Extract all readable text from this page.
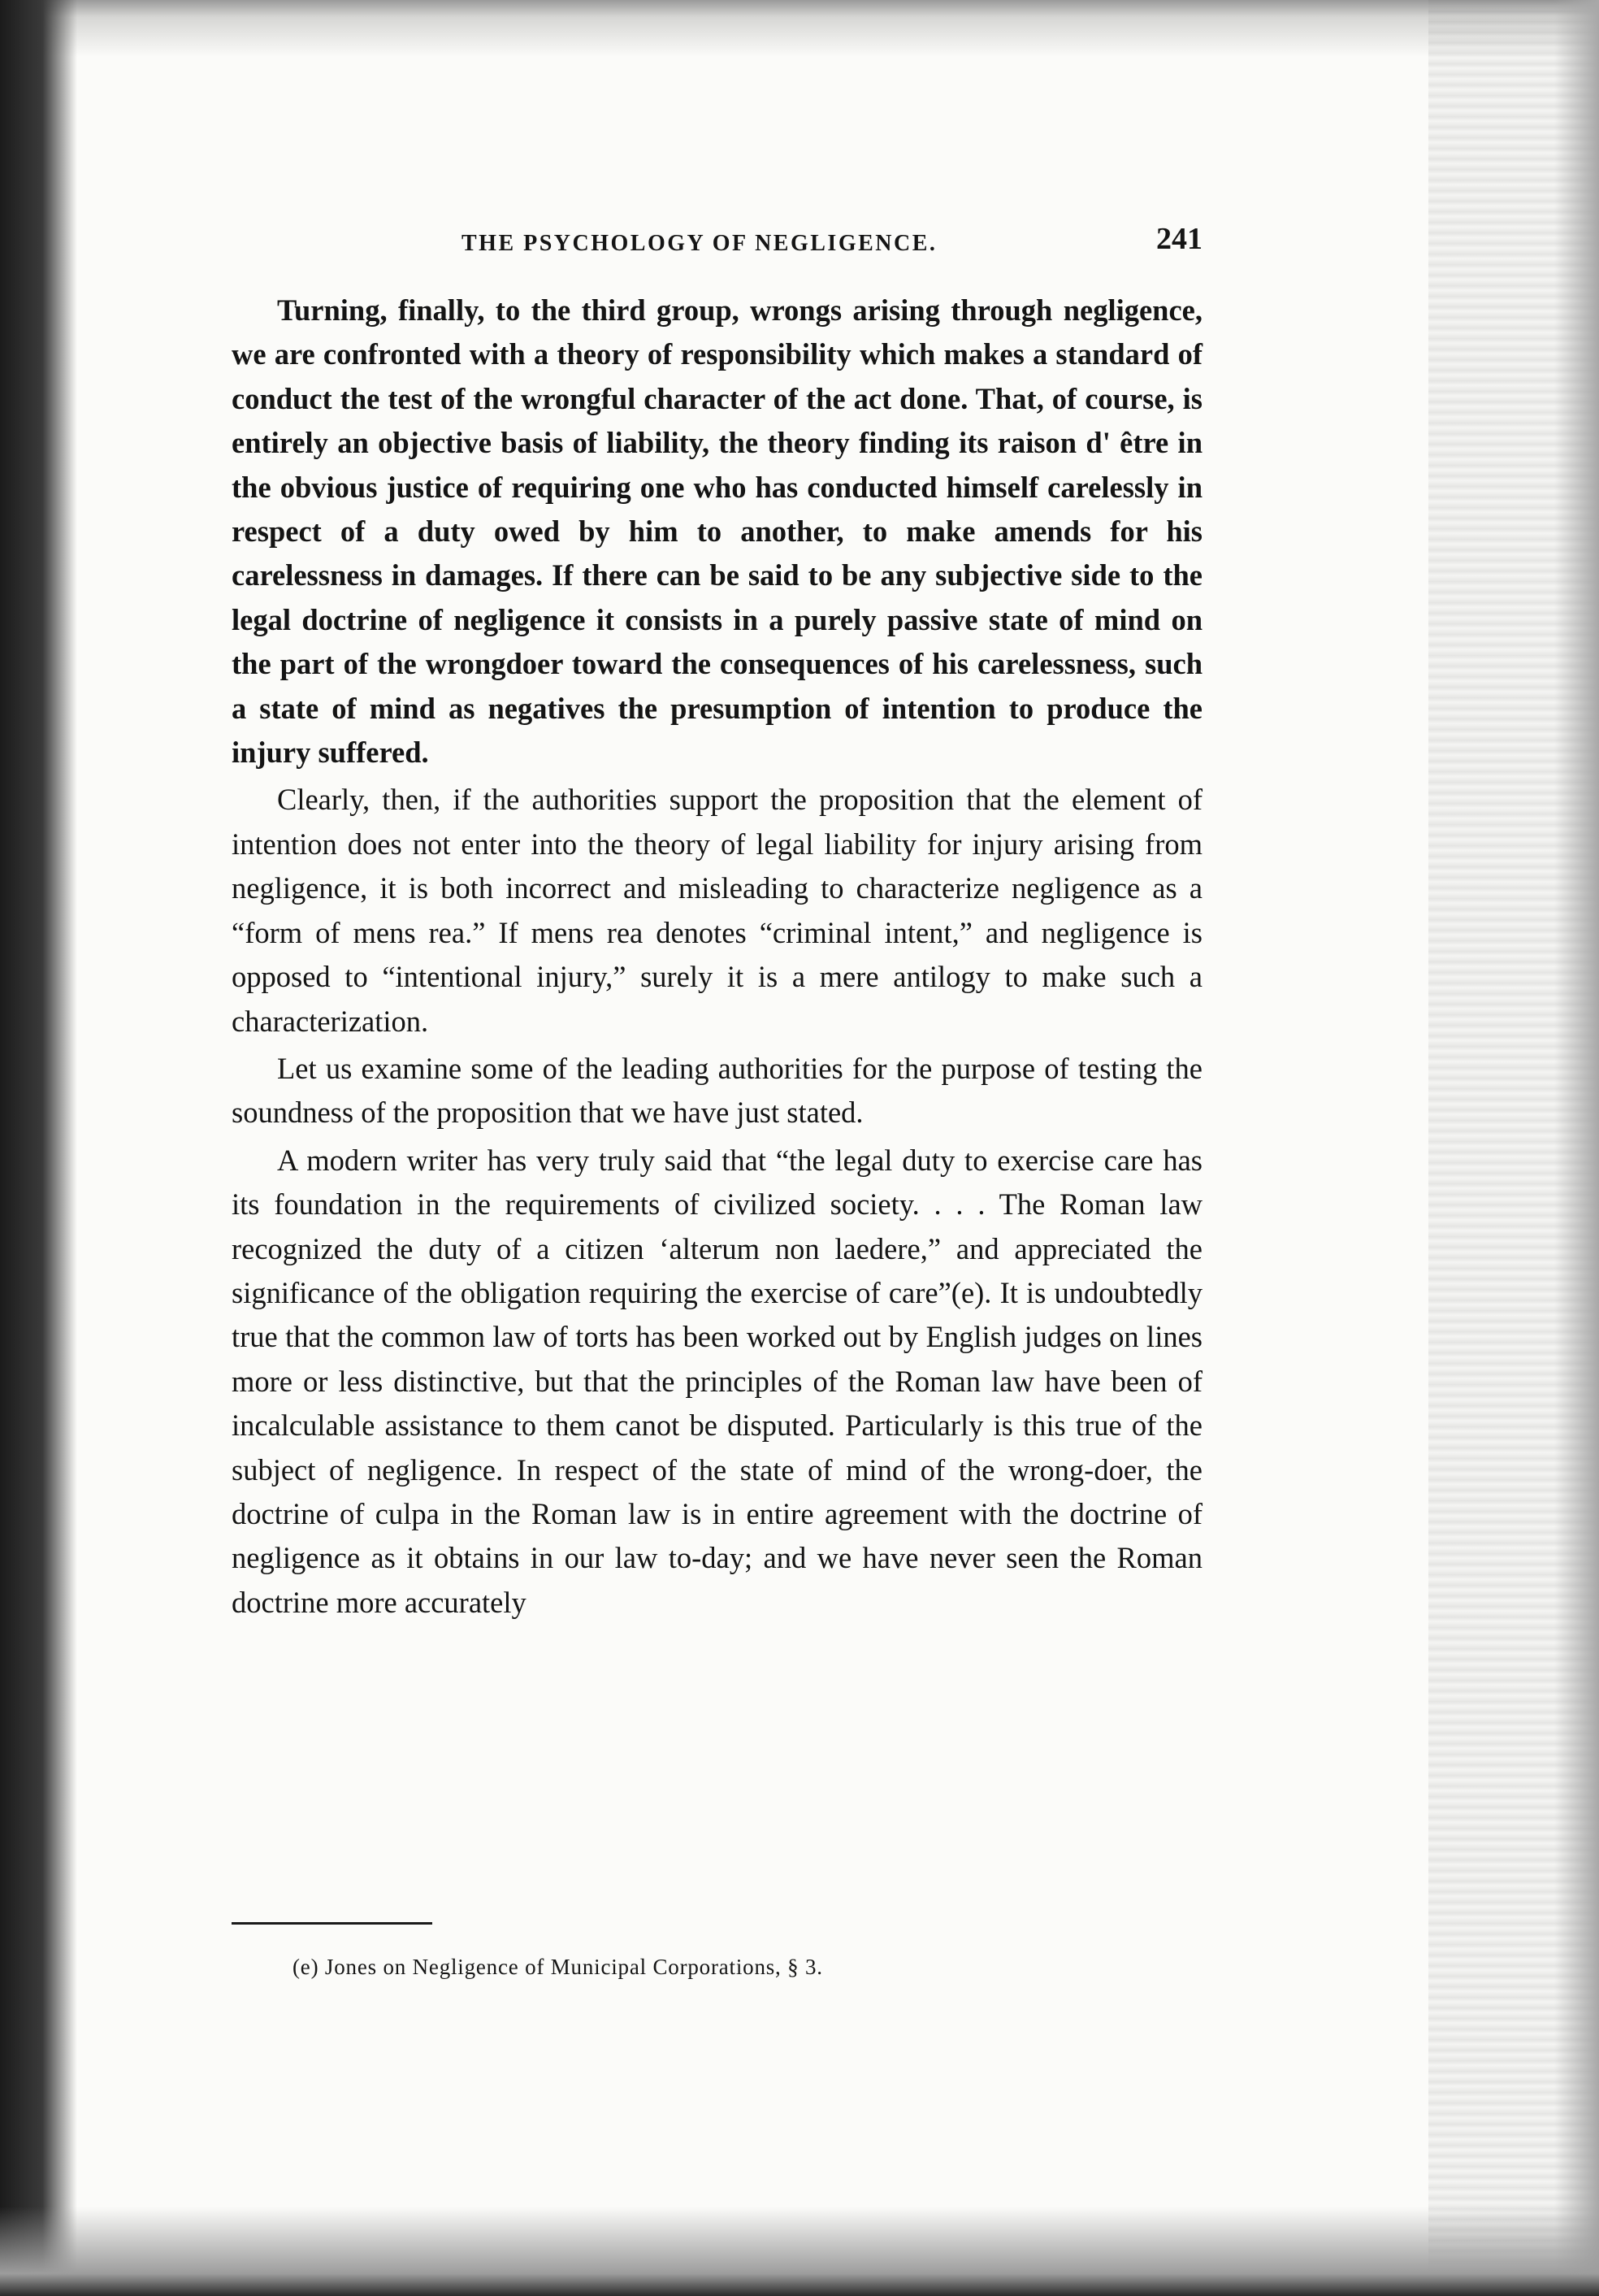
THE PSYCHOLOGY OF NEGLIGENCE.	241

Turning, finally, to the third group, wrongs arising through negligence, we are confronted with a theory of responsibility which makes a standard of conduct the test of the wrongful character of the act done. That, of course, is entirely an objective basis of liability, the theory finding its raison d' être in the obvious justice of requiring one who has conducted himself carelessly in respect of a duty owed by him to another, to make amends for his carelessness in damages. If there can be said to be any subjective side to the legal doctrine of negligence it consists in a purely passive state of mind on the part of the wrongdoer toward the consequences of his carelessness, such a state of mind as negatives the presumption of intention to produce the injury suffered.

Clearly, then, if the authorities support the proposition that the element of intention does not enter into the theory of legal liability for injury arising from negligence, it is both incorrect and misleading to characterize negligence as a “form of mens rea.” If mens rea denotes “criminal intent,” and negligence is opposed to “intentional injury,” surely it is a mere antilogy to make such a characterization.

Let us examine some of the leading authorities for the purpose of testing the soundness of the proposition that we have just stated.

A modern writer has very truly said that “the legal duty to exercise care has its foundation in the requirements of civilized society. . . . The Roman law recognized the duty of a citizen ‘alterum non laedere,” and appreciated the significance of the obligation requiring the exercise of care”(e). It is undoubtedly true that the common law of torts has been worked out by English judges on lines more or less distinctive, but that the principles of the Roman law have been of incalculable assistance to them canot be disputed. Particularly is this true of the subject of negligence. In respect of the state of mind of the wrong-doer, the doctrine of culpa in the Roman law is in entire agreement with the doctrine of negligence as it obtains in our law to-day; and we have never seen the Roman doctrine more accurately

(e) Jones on Negligence of Municipal Corporations, § 3.
